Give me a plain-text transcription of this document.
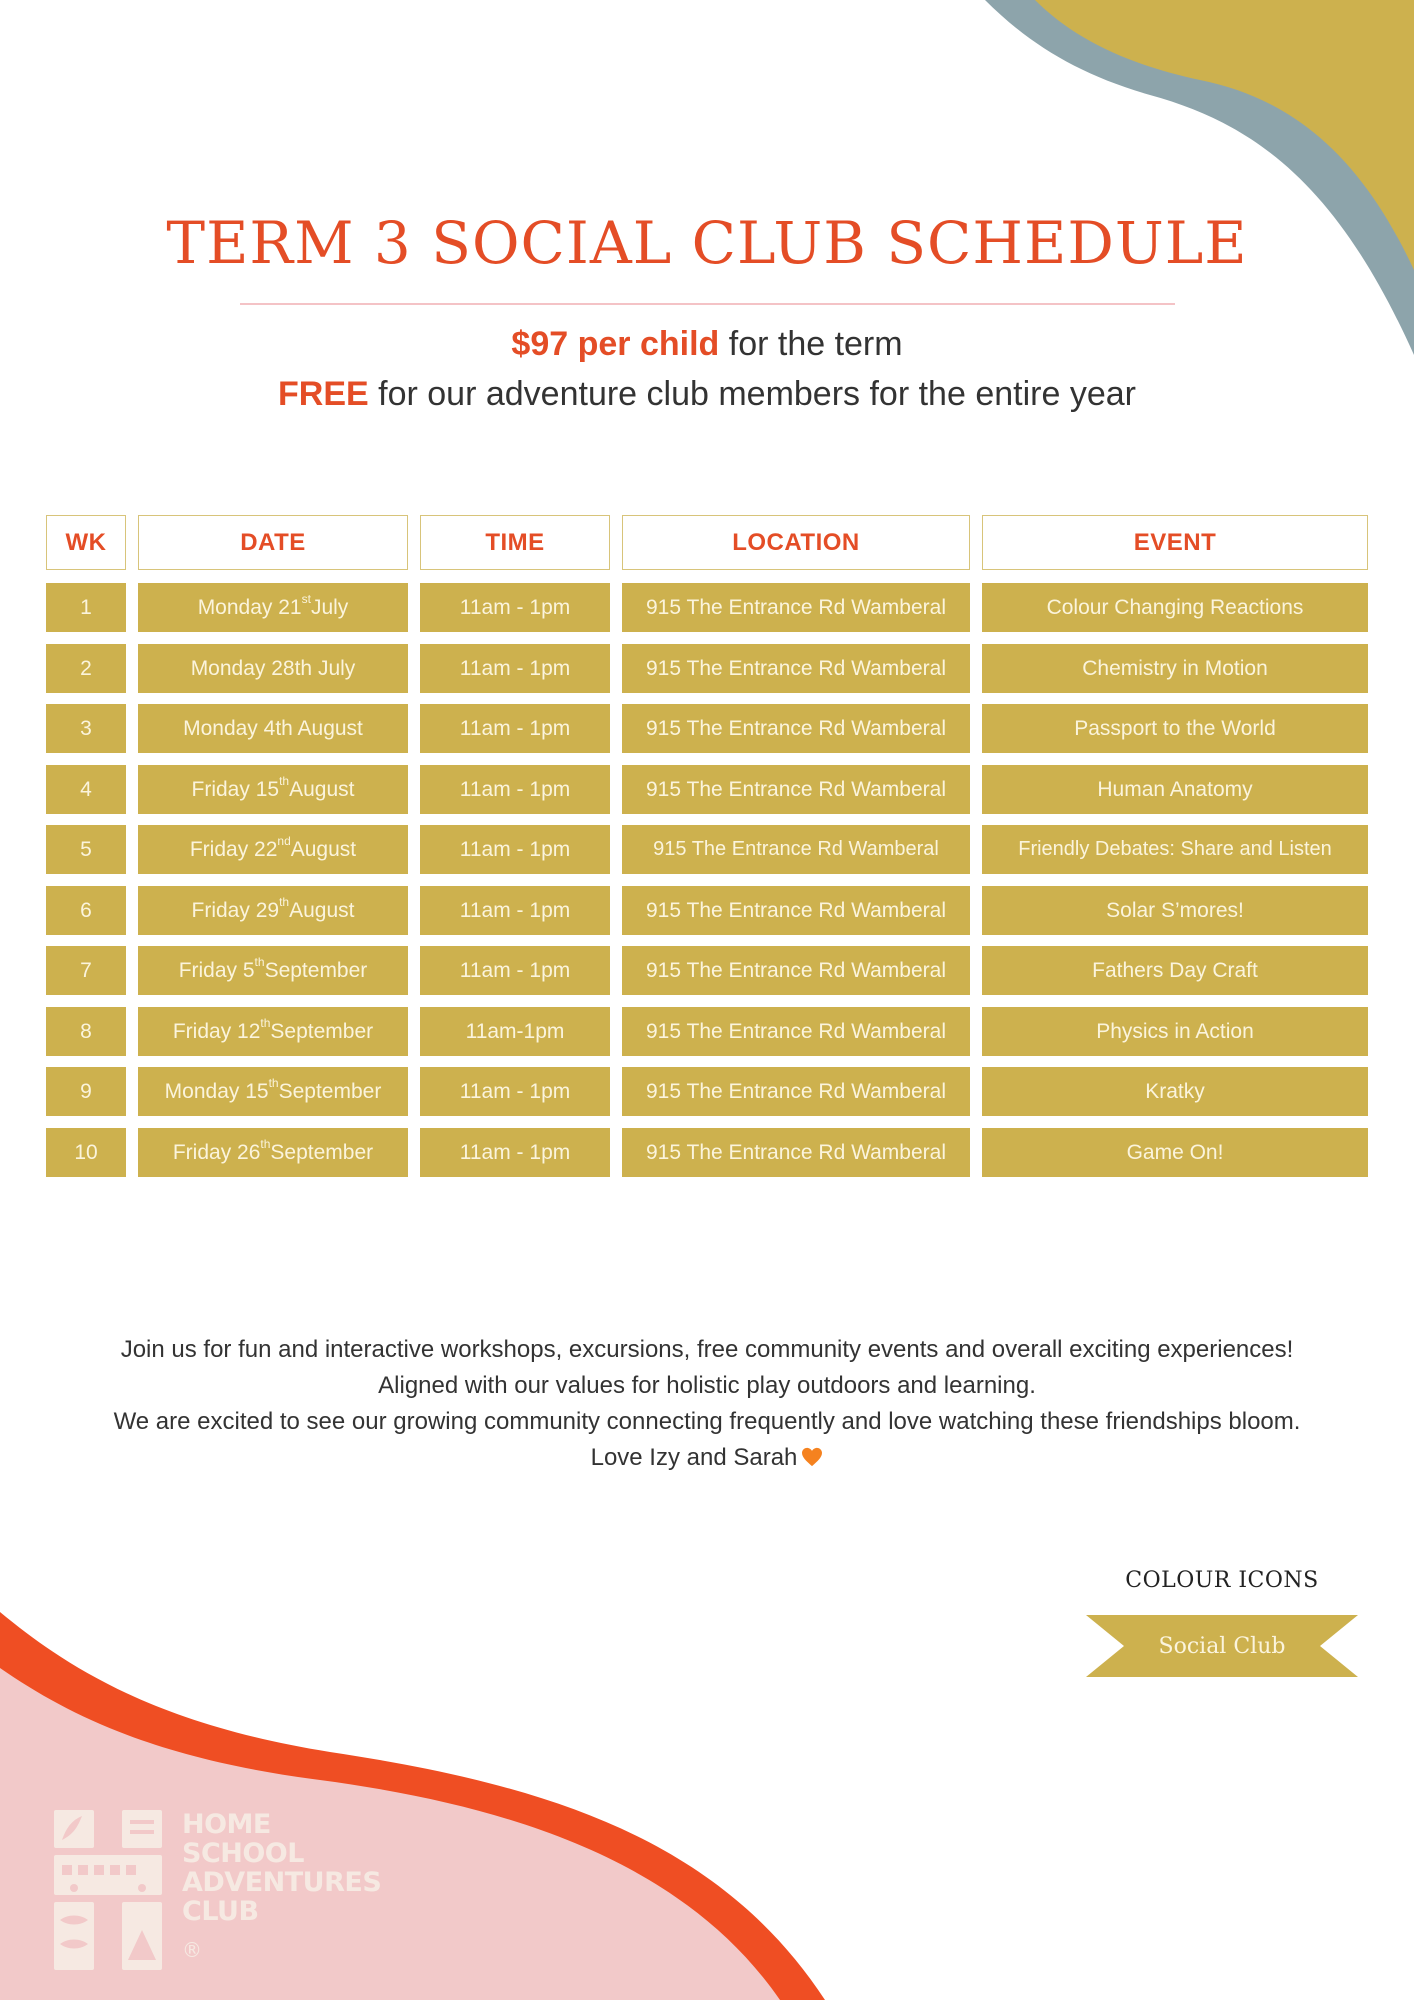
TERM 3 SOCIAL CLUB SCHEDULE
$97 per child for the term
FREE for our adventure club members for the entire year
WK	DATE	TIME	LOCATION	EVENT
1	Monday 21st July	11am - 1pm	915 The Entrance Rd Wamberal	Colour Changing Reactions
2	Monday 28th July	11am - 1pm	915 The Entrance Rd Wamberal	Chemistry in Motion
3	Monday 4th August	11am - 1pm	915 The Entrance Rd Wamberal	Passport to the World
4	Friday 15th August	11am - 1pm	915 The Entrance Rd Wamberal	Human Anatomy
5	Friday 22nd August	11am - 1pm	915 The Entrance Rd Wamberal	Friendly Debates: Share and Listen
6	Friday 29th August	11am - 1pm	915 The Entrance Rd Wamberal	Solar S’mores!
7	Friday 5th September	11am - 1pm	915 The Entrance Rd Wamberal	Fathers Day Craft
8	Friday 12th September	11am-1pm	915 The Entrance Rd Wamberal	Physics in Action
9	Monday 15th September	11am - 1pm	915 The Entrance Rd Wamberal	Kratky
10	Friday 26th September	11am - 1pm	915 The Entrance Rd Wamberal	Game On!

Join us for fun and interactive workshops, excursions, free community events and overall exciting experiences!

Aligned with our values for holistic play outdoors and learning.

We are excited to see our growing community connecting frequently and love watching these friendships bloom.

Love Izy and Sarah

COLOUR ICONS
Social Club
HOME
SCHOOL
ADVENTURES
CLUB
®
